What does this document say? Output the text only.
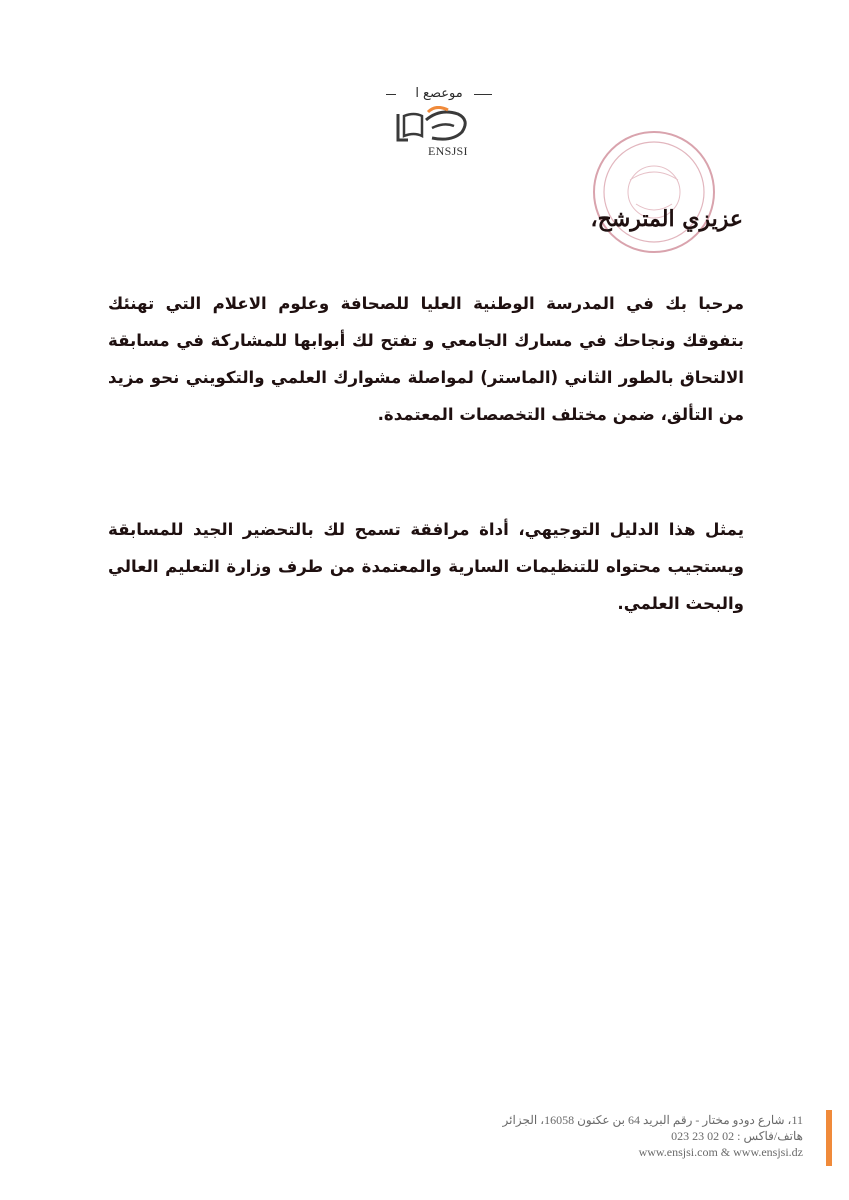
موعصع ا
ENSJSI
عزيزي المترشح،

مرحبا بك في المدرسة الوطنية العليا للصحافة وعلوم الاعلام التي تهنئك بتفوقك ونجاحك في مسارك الجامعي و تفتح لك أبوابها للمشاركة في مسابقة الالتحاق بالطور الثاني (الماستر) لمواصلة مشوارك العلمي والتكويني نحو مزيد من التألق، ضمن مختلف التخصصات المعتمدة.

يمثل هذا الدليل التوجيهي، أداة مرافقة تسمح لك بالتحضير الجيد للمسابقة ويستجيب محتواه للتنظيمات السارية والمعتمدة من طرف وزارة التعليم العالي والبحث العلمي.

11، شارع دودو مختار - رقم البريد 64 بن عكنون 16058، الجزائر
هاتف/فاكس : 02 02 23 023
www.ensjsi.com & www.ensjsi.dz
